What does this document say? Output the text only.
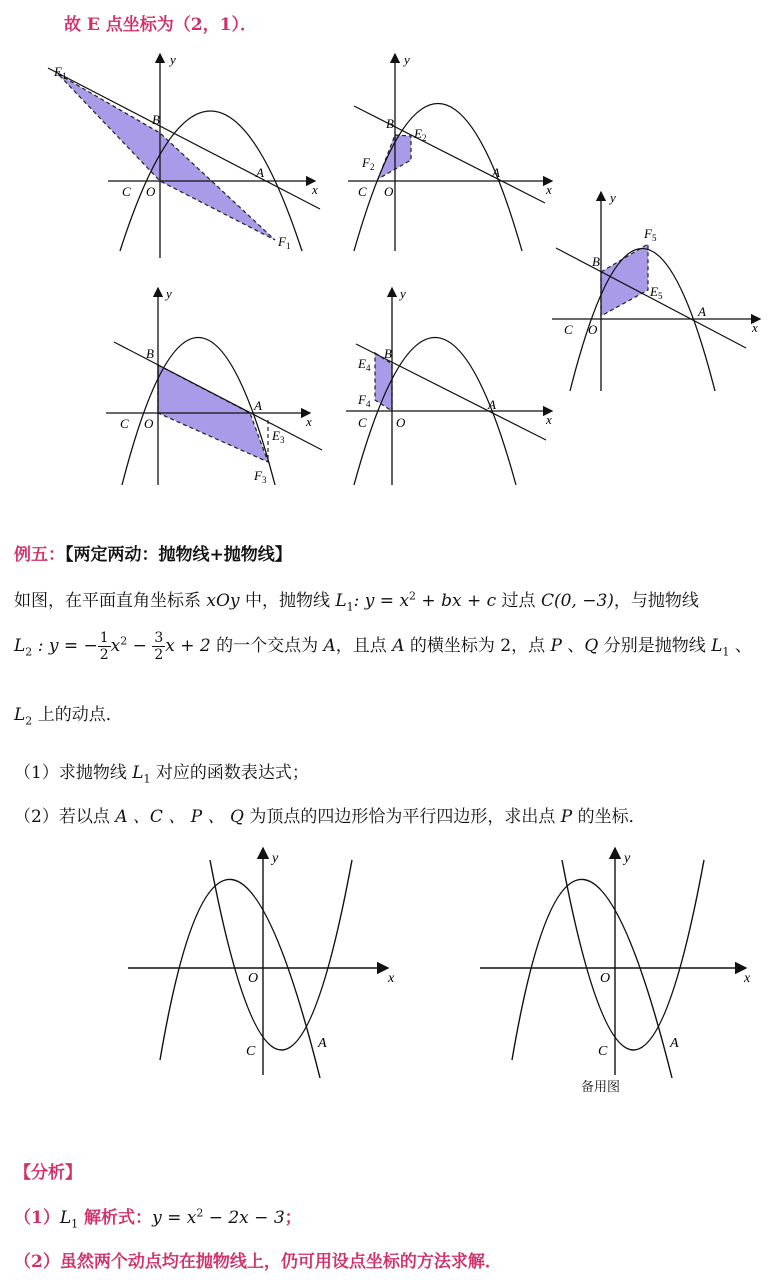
故 E 点坐标为（2，1）．
y
x
O
C
B
A
$E_1$
$F_1$
y
x
O
C
B
A
$E_2$
$F_2$
y
x
O
C
B
A
$F_5$
$E_5$
y
x
O
C
B
A
$E_3$
$F_3$
y
x
O
C
B
A
$E_4$
$F_4$
例五：【两定两动：抛物线+抛物线】
如图，在平面直角坐标系 xOy 中，抛物线 $L_1$: $y = x^2$ + bx + c 过点 C(0, −3)，与抛物线
$L_2$ : y = − $\frac{1}{2} x^2 - \frac{3}{2}$ x + 2 的一个交点为 A，且点 A 的横坐标为 2，点 P 、Q 分别是抛物线 $L_1$ 、
$L_2$ 上的动点．
（1）求抛物线 $L_1$ 对应的函数表达式；
（2）若以点 A 、C 、 P 、 Q 为顶点的四边形恰为平行四边形，求出点 P 的坐标．
y
x
O
C
A
y
x
O
C
A
备用图
【分析】
$(1)L_1$ 解析式：$y = x^2 - 2x - 3$；
（2）虽然两个动点均在抛物线上，仍可用设点坐标的方法求解．
